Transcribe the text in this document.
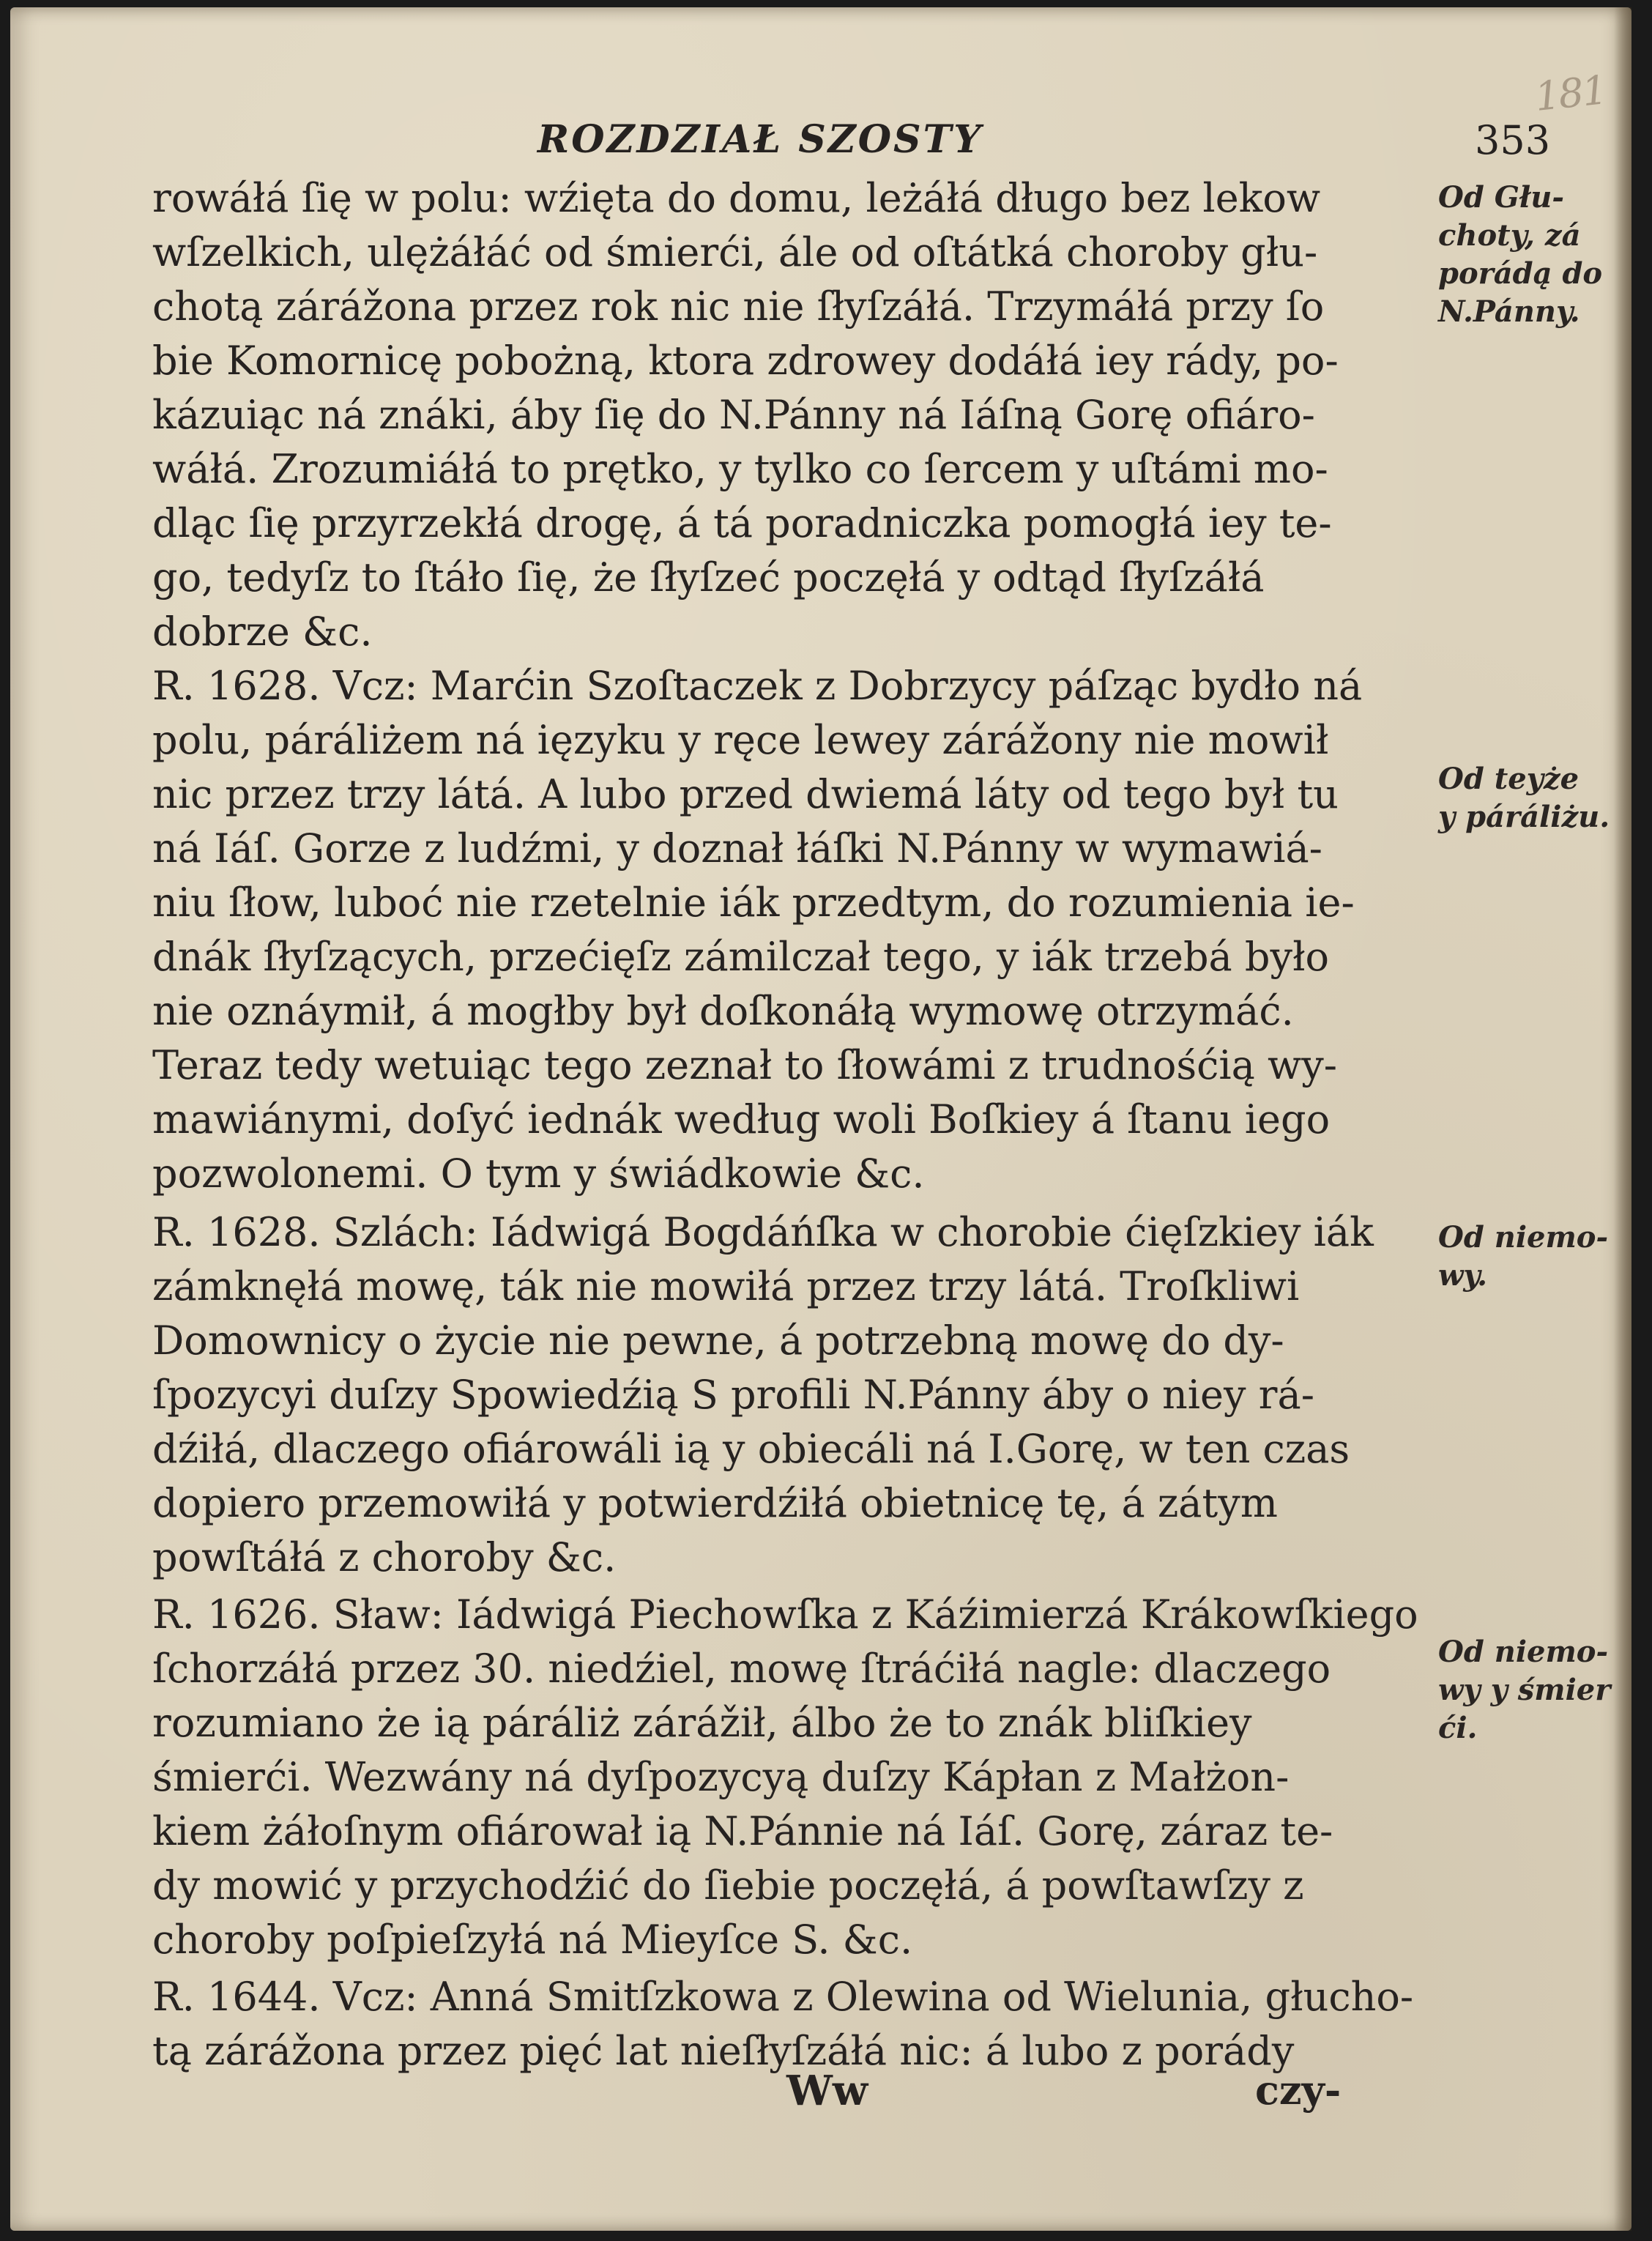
181
ROZDZIAŁ SZOSTY	353
rowáłá ſię w polu: wźięta do domu, leżáłá długo bez lekow
wſzelkich, ulężáłáć od śmierći, ále od oſtátká choroby głu-
chotą zárážona przez rok nic nie ſłyſzáłá. Trzymáłá przy ſo
bie Komornicę pobożną, ktora zdrowey dodáłá iey rády, po-
kázuiąc ná znáki, áby ſię do N.Pánny ná Iáſną Gorę ofiáro-
wáłá. Zrozumiáłá to prętko, y tylko co ſercem y uſtámi mo-
dląc ſię przyrzekłá drogę, á tá poradniczka pomogłá iey te-
go, tedyſz to ſtáło ſię, że ſłyſzeć poczęłá y odtąd ſłyſzáłá
dobrze &c.
R. 1628. Vcz: Marćin Szoſtaczek z Dobrzycy páſząc bydło ná
polu, páráliżem ná ięzyku y ręce lewey zárážony nie mowił
nic przez trzy látá. A lubo przed dwiemá láty od tego był tu
ná Iáſ. Gorze z ludźmi, y doznał łáſki N.Pánny w wymawiá-
niu ſłow, luboć nie rzetelnie iák przedtym, do rozumienia ie-
dnák ſłyſzących, przećięſz zámilczał tego, y iák trzebá było
nie oznáymił, á mogłby był doſkonáłą wymowę otrzymáć.
Teraz tedy wetuiąc tego zeznał to ſłowámi z trudnośćią wy-
mawiánymi, doſyć iednák według woli Boſkiey á ſtanu iego
pozwolonemi. O tym y świádkowie &c.
R. 1628. Szlách: Iádwigá Bogdáńſka w chorobie ćięſzkiey iák
zámknęłá mowę, ták nie mowiłá przez trzy látá. Troſkliwi
Domownicy o życie nie pewne, á potrzebną mowę do dy-
ſpozycyi duſzy Spowiedźią S profili N.Pánny áby o niey rá-
dźiłá, dlaczego ofiárowáli ią y obiecáli ná I.Gorę, w ten czas
dopiero przemowiłá y potwierdźiłá obietnicę tę, á zátym
powſtáłá z choroby &c.
R. 1626. Sław: Iádwigá Piechowſka z Káźimierzá Krákowſkiego
ſchorzáłá przez 30. niedźiel, mowę ſtráćiłá nagle: dlaczego
rozumiano że ią páráliż zárážił, álbo że to znák bliſkiey
śmierći. Wezwány ná dyſpozycyą duſzy Kápłan z Małżon-
kiem żáłoſnym ofiárował ią N.Pánnie ná Iáſ. Gorę, záraz te-
dy mowić y przychodźić do ſiebie poczęłá, á powſtawſzy z
choroby poſpieſzyłá ná Mieyſce S. &c.
R. 1644. Vcz: Anná Smitſzkowa z Olewina od Wielunia, głucho-
tą zárážona przez pięć lat nieſłyſzáłá nic: á lubo z porády
Od Głu-
choty, zá
porádą do
N.Pánny.
Od teyże
y páráliżu.
Od niemo-
wy.
Od niemo-
wy y śmier
ći.
Ww	czy-
